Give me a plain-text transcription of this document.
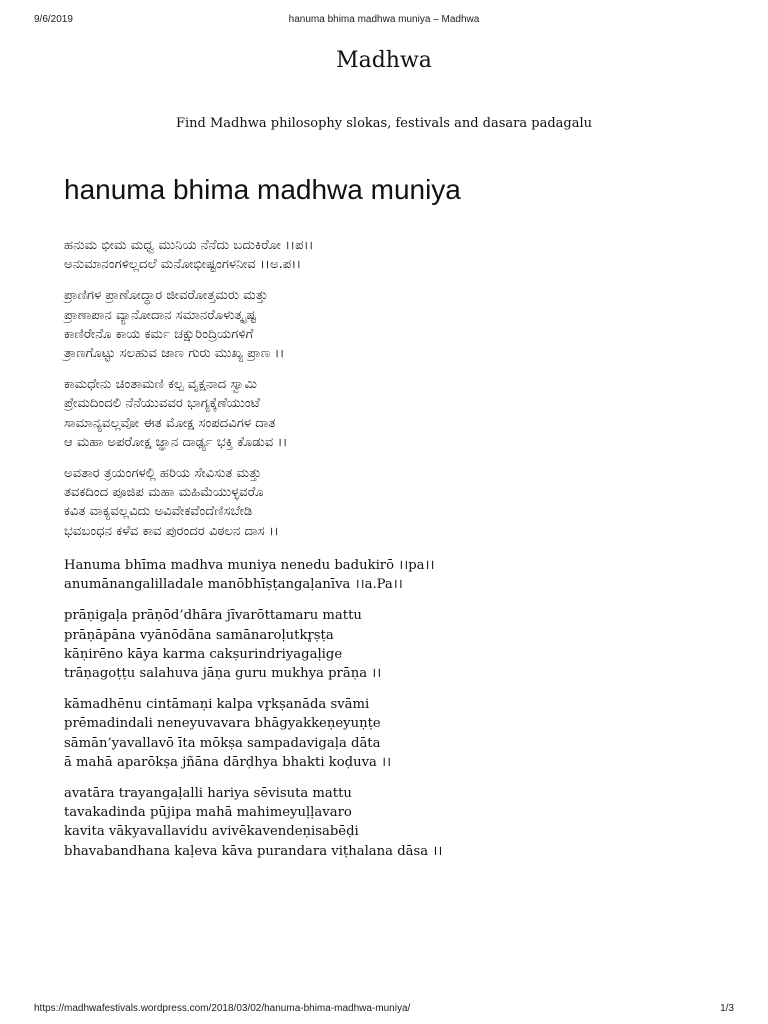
9/6/2019	hanuma bhima madhwa muniya – Madhwa
Madhwa
Find Madhwa philosophy slokas, festivals and dasara padagalu
hanuma bhima madhwa muniya
ಹನುಮ ಭೀಮ ಮಧ್ವ ಮುನಿಯ ನೆನೆದು ಬದುಕಿರೋ ।।ಪ।।
ಅನುಮಾನಂಗಳಿಲ್ಲದಲೆ ಮನೋಭೀಷ್ಟಂಗಳನೀವ ।।ಅ.ಪ।।
ಪ್ರಾಣಿಗಳ ಪ್ರಾಣೋದ್ಧಾರ ಜೀವರೋತ್ತಮರು ಮತ್ತು
ಪ್ರಾಣಾಪಾನ ವ್ಯಾನೋದಾನ ಸಮಾನರೊಳುತ್ಕೃಷ್ಟ
ಕಾಣಿರೇನೊ ಕಾಯ ಕರ್ಮ ಚಕ್ಷುರಿಂದ್ರಿಯಗಳಿಗೆ
ತ್ರಾಣಗೊಟ್ಟು ಸಲಹುವ ಜಾಣ ಗುರು ಮುಖ್ಯ ಪ್ರಾಣ ।।
ಕಾಮಧೇನು ಚಿಂತಾಮಣಿ ಕಲ್ಪ ವೃಕ್ಷನಾದ ಸ್ವಾಮಿ
ಪ್ರೇಮದಿಂದಲಿ ನೆನೆಯುವವರ ಭಾಗ್ಯಕ್ಕೆಣೆಯುಂಟೆ
ಸಾಮಾನ್ಯವಲ್ಲವೋ ಈತ ಮೋಕ್ಷ ಸಂಪದವಿಗಳ ದಾತ
ಆ ಮಹಾ ಅಪರೋಕ್ಷ ಜ್ಞಾನ ದಾರ್ಢ್ಯ ಭಕ್ತಿ ಕೊಡುವ ।।
ಅವತಾರ ತ್ರಯಂಗಳಲ್ಲಿ ಹರಿಯ ಸೇವಿಸುತ ಮತ್ತು
ತವಕದಿಂದ ಪೂಜಿಪ ಮಹಾ ಮಹಿಮೆಯುಳ್ಳವರೊ
ಕವಿತ ವಾಕ್ಯವಲ್ಲವಿದು ಅವಿವೇಕವೆಂದೆಣಿಸಬೇಡಿ
ಭವಬಂಧನ ಕಳೆವ ಕಾವ ಪುರಂದರ ವಿಠಲನ ದಾಸ ।।
Hanuma bhīma madhva muniya nenedu badukirō ।।pa।।
anumānangalilladale manōbhīṣṭangaḷanīva ।।a.Pa।।
prāṇigaḷa prāṇōd’dhāra jīvarōttamaru mattu
prāṇāpāna vyānōdāna samānaroḷutkr̥ṣṭa
kāṇirēno kāya karma cakṣurindriyagaḷige
trāṇagoṭṭu salahuva jāṇa guru mukhya prāṇa ।।
kāmadhēnu cintāmaṇi kalpa vr̥kṣanāda svāmi
prēmadindali neneyuvavara bhāgyakkeṇeyuṇṭe
sāmān’yavallavō īta mōkṣa sampadavigaḷa dāta
ā mahā aparōkṣa jñāna dārḍhya bhakti koḍuva ।।
avatāra trayangaḷalli hariya sēvisuta mattu
tavakadinda pūjipa mahā mahimeyuḷḷavaro
kavita vākyavallavidu avivēkavendeṇisabēḍi
bhavabandhana kaḷeva kāva purandara viṭhalana dāsa ।।
https://madhwafestivals.wordpress.com/2018/03/02/hanuma-bhima-madhwa-muniya/	1/3
